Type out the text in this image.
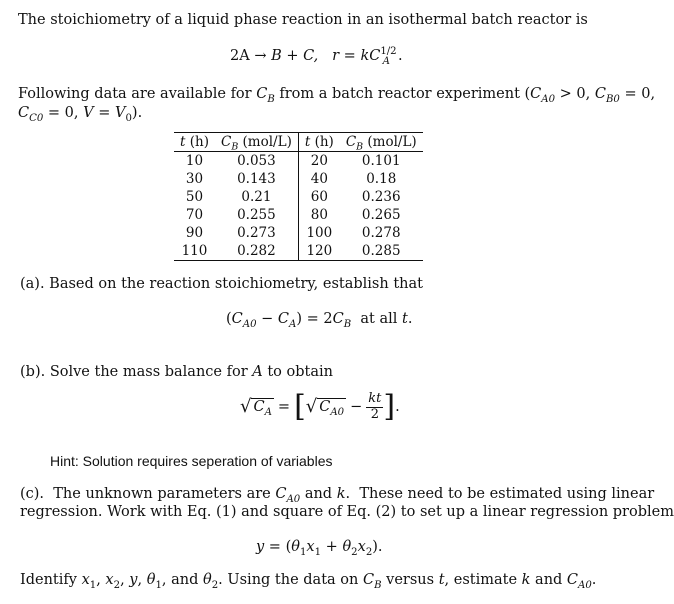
The stoichiometry of a liquid phase reaction in an isothermal batch reactor is
2A → B + C, $r = kC^{1/2}_A$ .
Following data are available for $C_B$ from a batch reactor experiment ($C_{A0} > 0$, $C_{B0} = 0$,
$C_{C0} = 0$, $V = V_0$).
t (h)	$C_B$ (mol/L)	t (h)	$C_B$ (mol/L)
10	0.053	20	0.101
30	0.143	40	0.18
50	0.21	60	0.236
70	0.255	80	0.265
90	0.273	100	0.278
110	0.282	120	0.285
(a). Based on the reaction stoichiometry, establish that
$(C_{A0} - C_A) = 2C_B$  at all t.
(b). Solve the mass balance for A to obtain
√ $C_A$ = [ √ $C_{A0} - \frac{kt}{2}$ ] .
Hint: Solution requires seperation of variables
(c).  The unknown parameters are $C_{A0}$ and k.  These need to be estimated using linear
regression. Work with Eq. (1) and square of Eq. (2) to set up a linear regression problem
$y = (\theta_1x_1 + \theta_2x_2)$.
Identify $x_1$, $x_2$, y, $\theta_1$, and $\theta_2$. Using the data on $C_B$ versus t, estimate k and $C_{A0}$.
